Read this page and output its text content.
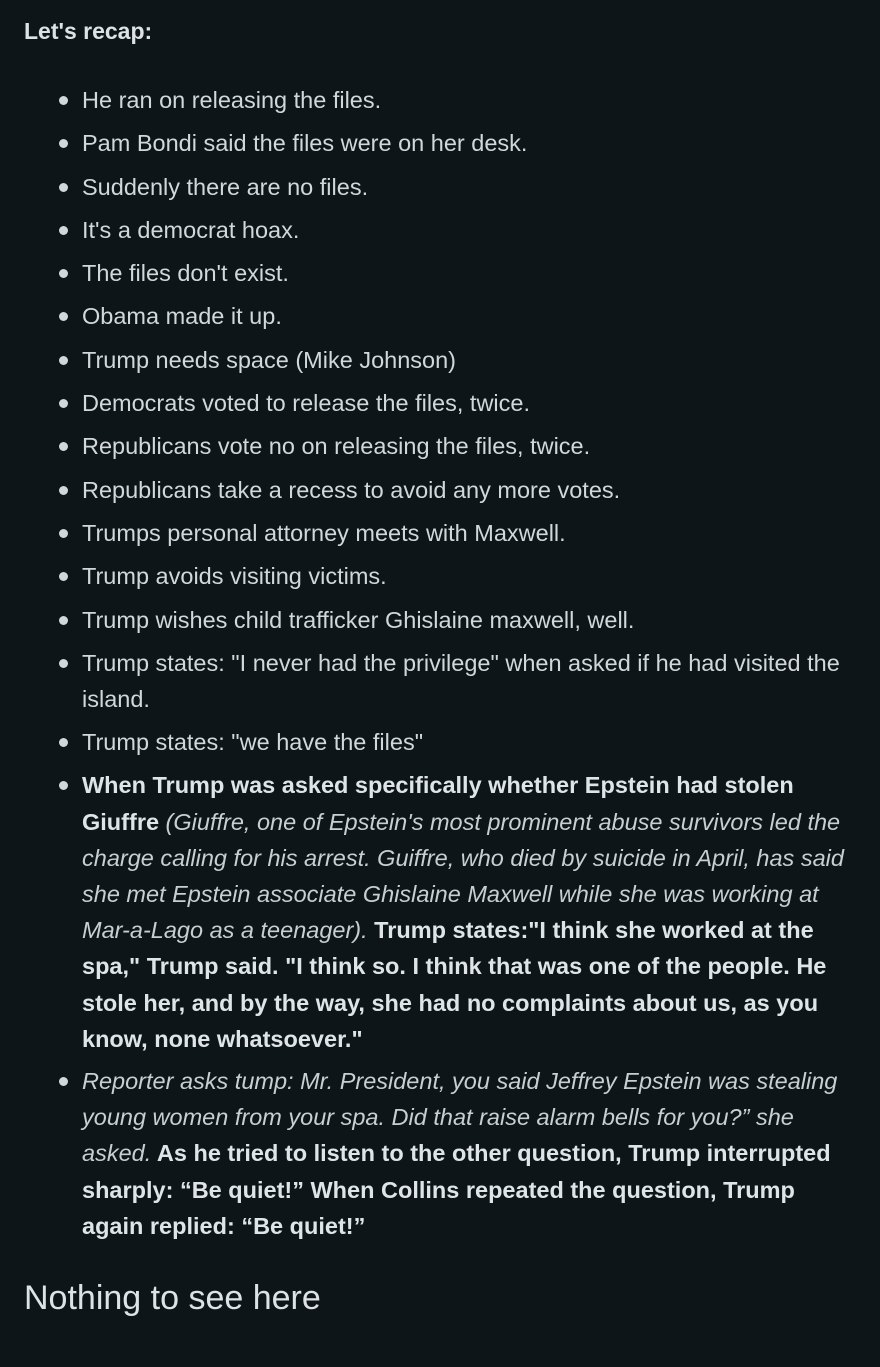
Let's recap:
He ran on releasing the files.
Pam Bondi said the files were on her desk.
Suddenly there are no files.
It's a democrat hoax.
The files don't exist.
Obama made it up.
Trump needs space (Mike Johnson)
Democrats voted to release the files, twice.
Republicans vote no on releasing the files, twice.
Republicans take a recess to avoid any more votes.
Trumps personal attorney meets with Maxwell.
Trump avoids visiting victims.
Trump wishes child trafficker Ghislaine maxwell, well.
Trump states: "I never had the privilege" when asked if he had visited the island.
Trump states: "we have the files"
When Trump was asked specifically whether Epstein had stolen Giuffre (Giuffre, one of Epstein's most prominent abuse survivors led the charge calling for his arrest. Guiffre, who died by suicide in April, has said she met Epstein associate Ghislaine Maxwell while she was working at Mar-a-Lago as a teenager). Trump states:"I think she worked at the spa," Trump said. "I think so. I think that was one of the people. He stole her, and by the way, she had no complaints about us, as you know, none whatsoever."
Reporter asks tump: Mr. President, you said Jeffrey Epstein was stealing young women from your spa. Did that raise alarm bells for you?” she asked. As he tried to listen to the other question, Trump interrupted sharply: “Be quiet!” When Collins repeated the question, Trump again replied: “Be quiet!”
Nothing to see here
